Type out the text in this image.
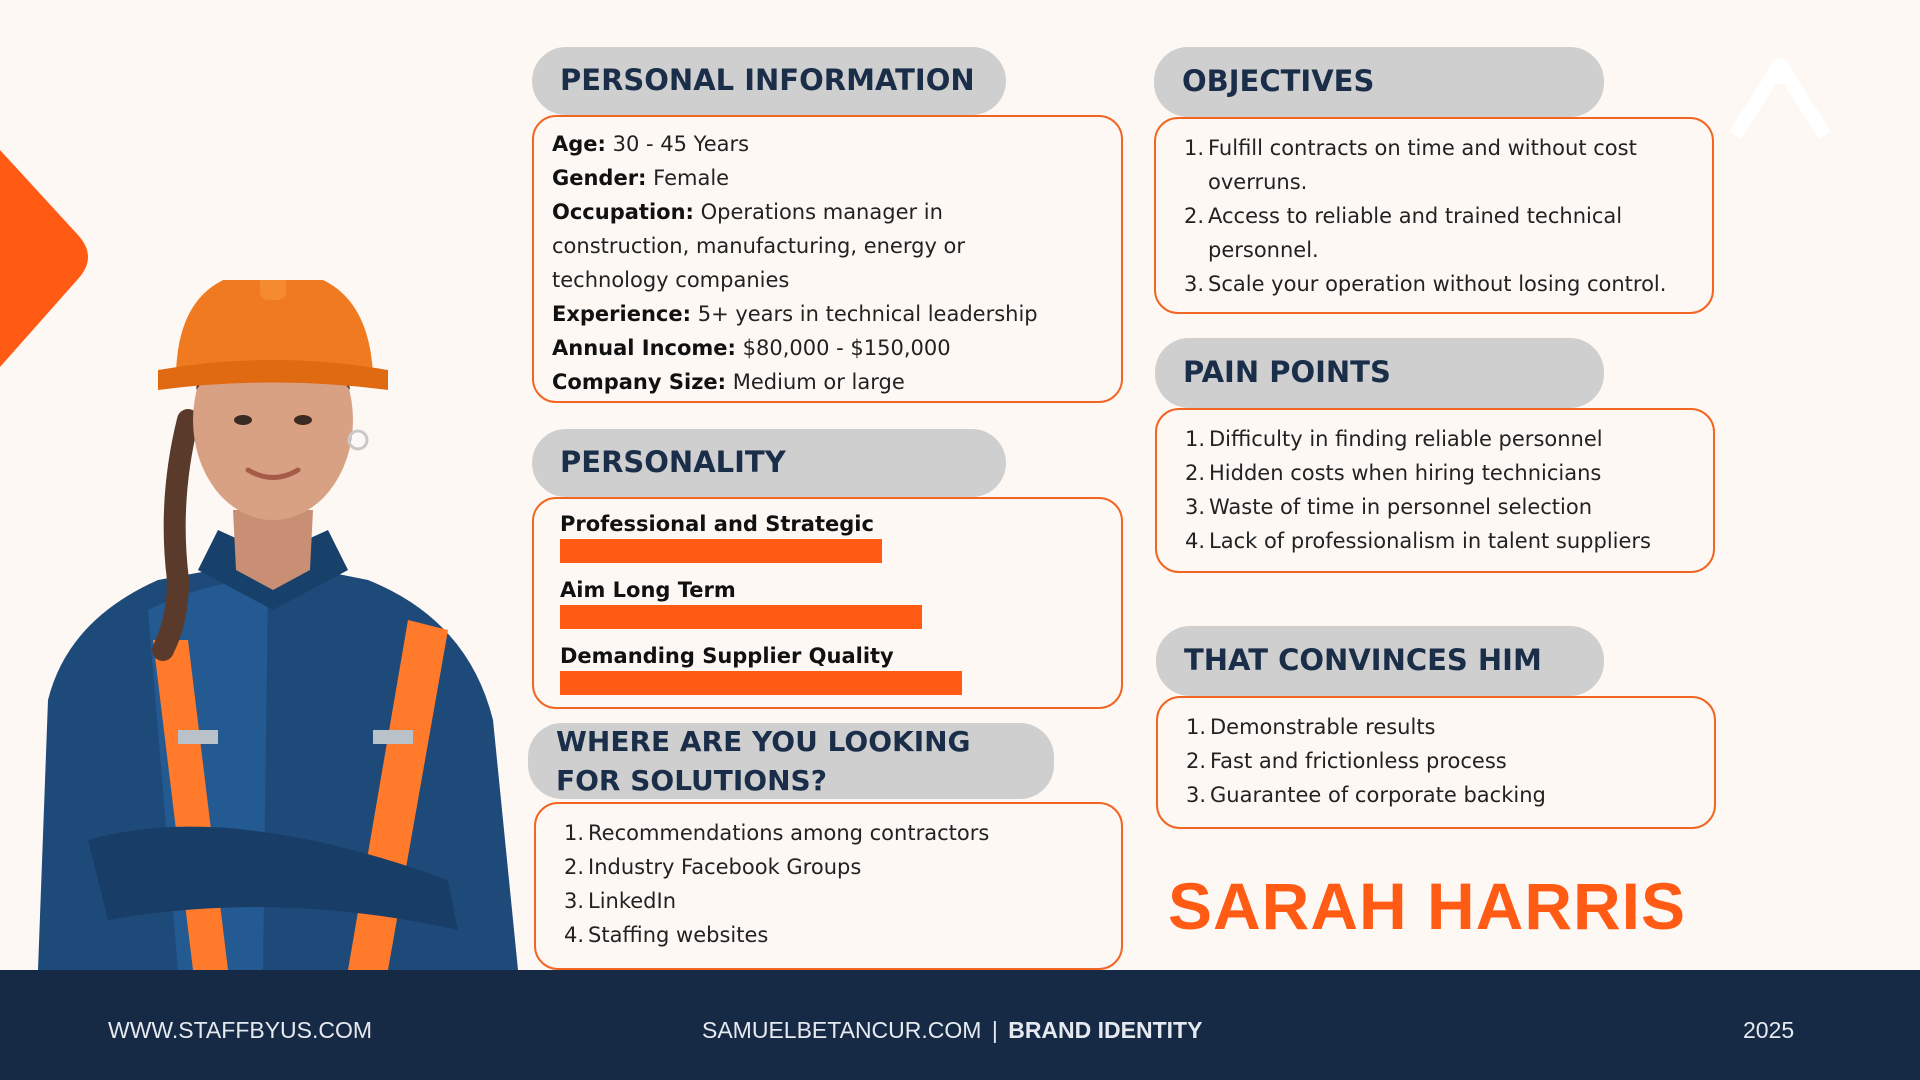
PERSONAL INFORMATION
Age: 30 - 45 Years
Gender: Female
Occupation: Operations manager in construction, manufacturing, energy or technology companies
Experience: 5+ years in technical leadership
Annual Income: $80,000 - $150,000
Company Size: Medium or large
PERSONALITY
Professional and Strategic
Aim Long Term
Demanding Supplier Quality
WHERE ARE YOU LOOKING FOR SOLUTIONS?
1. Recommendations among contractors
2. Industry Facebook Groups
3. LinkedIn
4. Staffing websites
OBJECTIVES
1. Fulfill contracts on time and without cost overruns.
2. Access to reliable and trained technical personnel.
3. Scale your operation without losing control.
PAIN POINTS
1. Difficulty in finding reliable personnel
2. Hidden costs when hiring technicians
3. Waste of time in personnel selection
4. Lack of professionalism in talent suppliers
THAT CONVINCES HIM
1. Demonstrable results
2. Fast and frictionless process
3. Guarantee of corporate backing
SARAH HARRIS
WWW.STAFFBYUS.COM	SAMUELBETANCUR.COM | BRAND IDENTITY	2025
